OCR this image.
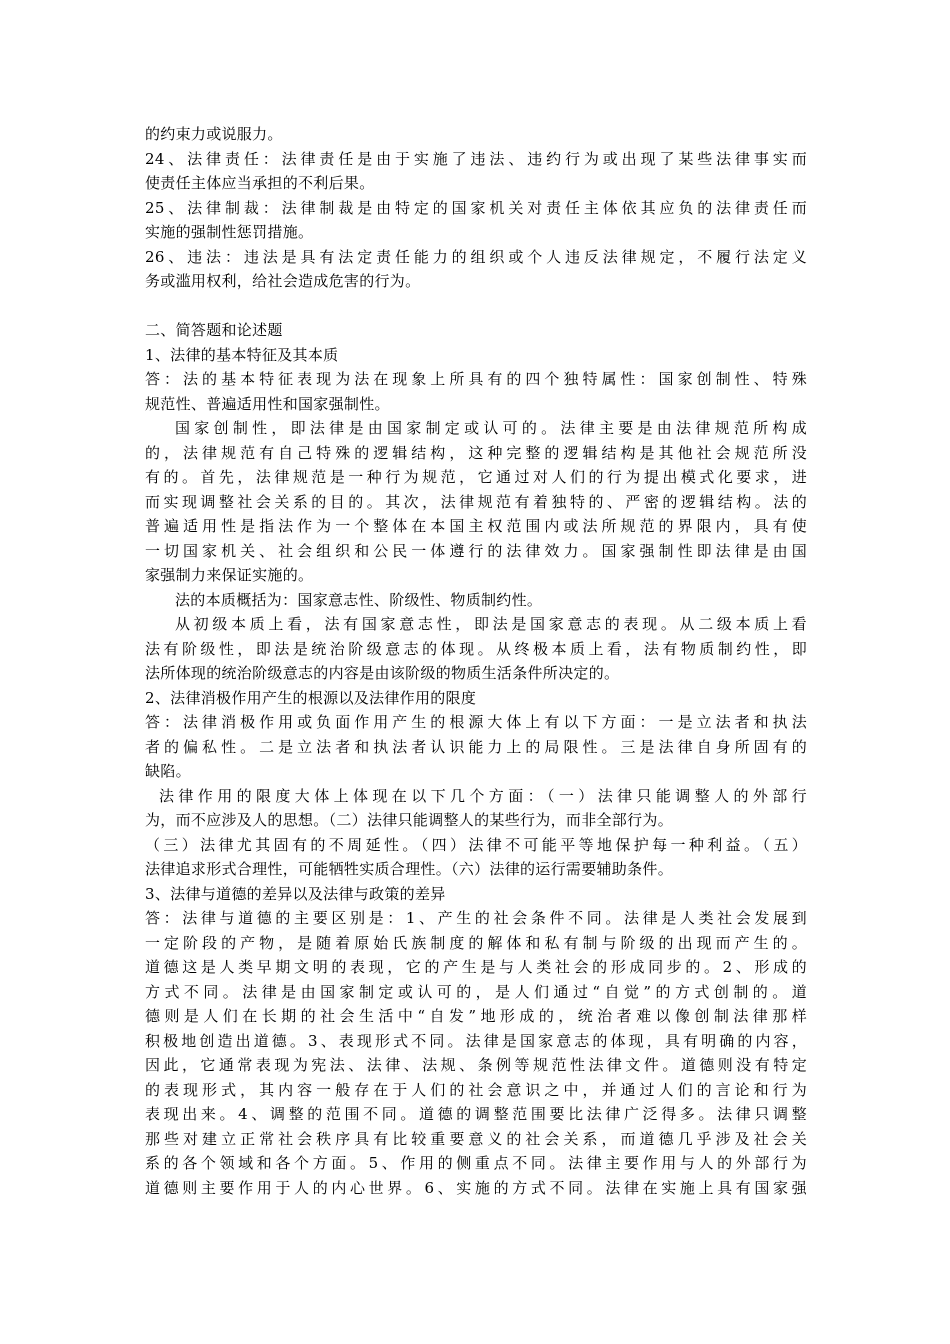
的约束力或说服力。
24、法律责任：法律责任是由于实施了违法、违约行为或出现了某些法律事实而
使责任主体应当承担的不利后果。
25、法律制裁：法律制裁是由特定的国家机关对责任主体依其应负的法律责任而
实施的强制性惩罚措施。
26、违法：违法是具有法定责任能力的组织或个人违反法律规定，不履行法定义
务或滥用权利，给社会造成危害的行为。
二、简答题和论述题
1、法律的基本特征及其本质
答：法的基本特征表现为法在现象上所具有的四个独特属性：国家创制性、特殊
规范性、普遍适用性和国家强制性。
国家创制性，即法律是由国家制定或认可的。法律主要是由法律规范所构成
的，法律规范有自己特殊的逻辑结构，这种完整的逻辑结构是其他社会规范所没
有的。首先，法律规范是一种行为规范，它通过对人们的行为提出模式化要求，进
而实现调整社会关系的目的。其次，法律规范有着独特的、严密的逻辑结构。法的
普遍适用性是指法作为一个整体在本国主权范围内或法所规范的界限内，具有使
一切国家机关、社会组织和公民一体遵行的法律效力。国家强制性即法律是由国
家强制力来保证实施的。
法的本质概括为：国家意志性、阶级性、物质制约性。
从初级本质上看，法有国家意志性，即法是国家意志的表现。从二级本质上看
法有阶级性，即法是统治阶级意志的体现。从终极本质上看，法有物质制约性，即
法所体现的统治阶级意志的内容是由该阶级的物质生活条件所决定的。
2、法律消极作用产生的根源以及法律作用的限度
答：法律消极作用或负面作用产生的根源大体上有以下方面：一是立法者和执法
者的偏私性。二是立法者和执法者认识能力上的局限性。三是法律自身所固有的
缺陷。
法律作用的限度大体上体现在以下几个方面：（一）法律只能调整人的外部行
为，而不应涉及人的思想。（二）法律只能调整人的某些行为，而非全部行为。
（三）法律尤其固有的不周延性。（四）法律不可能平等地保护每一种利益。（五）
法律追求形式合理性，可能牺牲实质合理性。（六）法律的运行需要辅助条件。
3、法律与道德的差异以及法律与政策的差异
答：法律与道德的主要区别是：1、产生的社会条件不同。法律是人类社会发展到
一定阶段的产物，是随着原始氏族制度的解体和私有制与阶级的出现而产生的。
道德这是人类早期文明的表现，它的产生是与人类社会的形成同步的。2、形成的
方式不同。法律是由国家制定或认可的，是人们通过“自觉”的方式创制的。道
德则是人们在长期的社会生活中“自发”地形成的，统治者难以像创制法律那样
积极地创造出道德。3、表现形式不同。法律是国家意志的体现，具有明确的内容，
因此，它通常表现为宪法、法律、法规、条例等规范性法律文件。道德则没有特定
的表现形式，其内容一般存在于人们的社会意识之中，并通过人们的言论和行为
表现出来。4、调整的范围不同。道德的调整范围要比法律广泛得多。法律只调整
那些对建立正常社会秩序具有比较重要意义的社会关系，而道德几乎涉及社会关
系的各个领域和各个方面。5、作用的侧重点不同。法律主要作用与人的外部行为
道德则主要作用于人的内心世界。6、实施的方式不同。法律在实施上具有国家强
